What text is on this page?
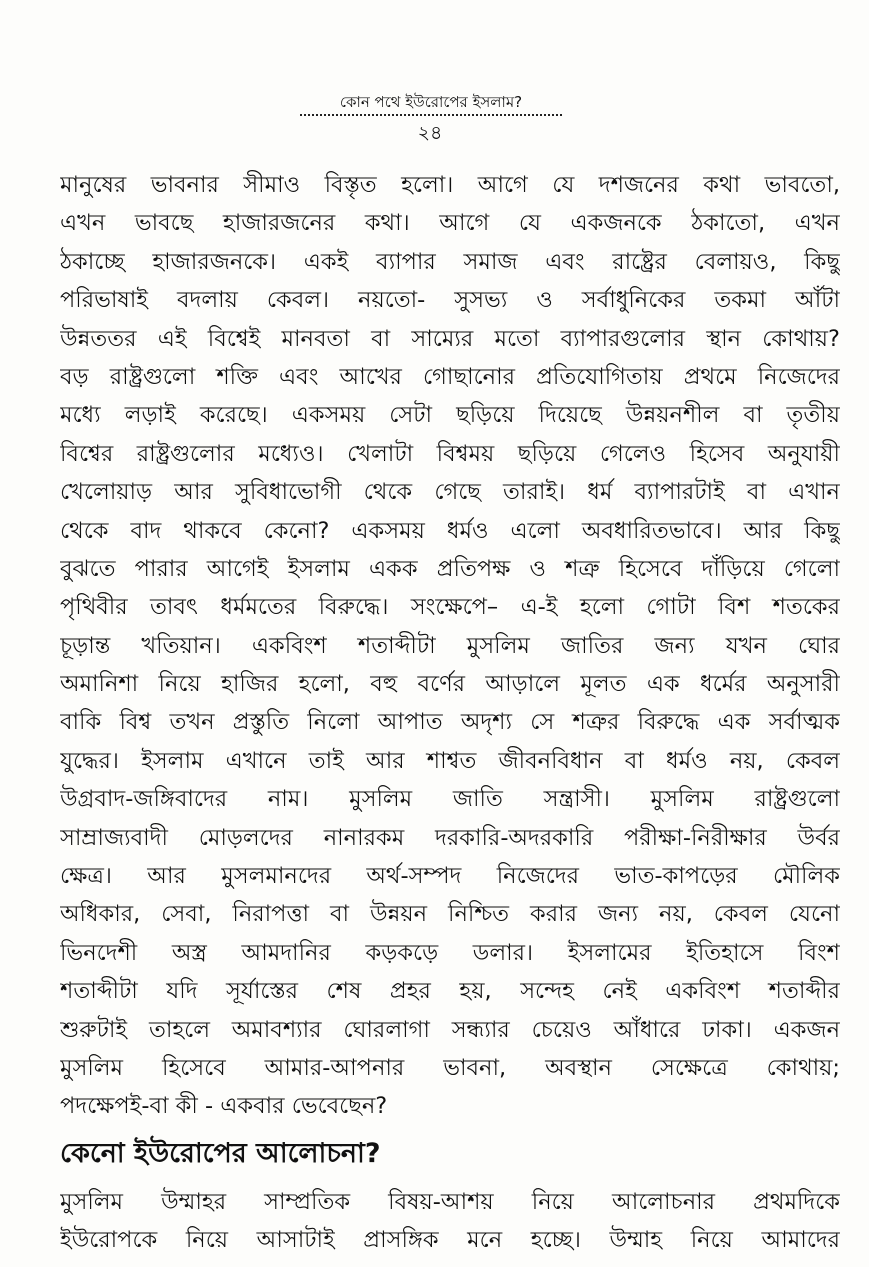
কোন পথে ইউরোপের ইসলাম?
২৪
মানুষের ভাবনার সীমাও বিস্তৃত হলো। আগে যে দশজনের কথা ভাবতো,
এখন ভাবছে হাজারজনের কথা। আগে যে একজনকে ঠকাতো, এখন
ঠকাচ্ছে হাজারজনকে। একই ব্যাপার সমাজ এবং রাষ্ট্রের বেলায়ও, কিছু
পরিভাষাই বদলায় কেবল। নয়তো- সুসভ্য ও সর্বাধুনিকের তকমা আঁটা
উন্নততর এই বিশ্বেই মানবতা বা সাম্যের মতো ব্যাপারগুলোর স্থান কোথায়?
বড় রাষ্ট্রগুলো শক্তি এবং আখের গোছানোর প্রতিযোগিতায় প্রথমে নিজেদের
মধ্যে লড়াই করেছে। একসময় সেটা ছড়িয়ে দিয়েছে উন্নয়নশীল বা তৃতীয়
বিশ্বের রাষ্ট্রগুলোর মধ্যেও। খেলাটা বিশ্বময় ছড়িয়ে গেলেও হিসেব অনুযায়ী
খেলোয়াড় আর সুবিধাভোগী থেকে গেছে তারাই। ধর্ম ব্যাপারটাই বা এখান
থেকে বাদ থাকবে কেনো? একসময় ধর্মও এলো অবধারিতভাবে। আর কিছু
বুঝতে পারার আগেই ইসলাম একক প্রতিপক্ষ ও শত্রু হিসেবে দাঁড়িয়ে গেলো
পৃথিবীর তাবৎ ধর্মমতের বিরুদ্ধে। সংক্ষেপে– এ-ই হলো গোটা বিশ শতকের
চূড়ান্ত খতিয়ান। একবিংশ শতাব্দীটা মুসলিম জাতির জন্য যখন ঘোর
অমানিশা নিয়ে হাজির হলো, বহু বর্ণের আড়ালে মূলত এক ধর্মের অনুসারী
বাকি বিশ্ব তখন প্রস্তুতি নিলো আপাত অদৃশ্য সে শত্রুর বিরুদ্ধে এক সর্বাত্মক
যুদ্ধের। ইসলাম এখানে তাই আর শাশ্বত জীবনবিধান বা ধর্মও নয়, কেবল
উগ্রবাদ-জঙ্গিবাদের নাম। মুসলিম জাতি সন্ত্রাসী। মুসলিম রাষ্ট্রগুলো
সাম্রাজ্যবাদী মোড়লদের নানারকম দরকারি-অদরকারি পরীক্ষা-নিরীক্ষার উর্বর
ক্ষেত্র। আর মুসলমানদের অর্থ-সম্পদ নিজেদের ভাত-কাপড়ের মৌলিক
অধিকার, সেবা, নিরাপত্তা বা উন্নয়ন নিশ্চিত করার জন্য নয়, কেবল যেনো
ভিনদেশী অস্ত্র আমদানির কড়কড়ে ডলার। ইসলামের ইতিহাসে বিংশ
শতাব্দীটা যদি সূর্যাস্তের শেষ প্রহর হয়, সন্দেহ নেই একবিংশ শতাব্দীর
শুরুটাই তাহলে অমাবশ্যার ঘোরলাগা সন্ধ্যার চেয়েও আঁধারে ঢাকা। একজন
মুসলিম হিসেবে আমার-আপনার ভাবনা, অবস্থান সেক্ষেত্রে কোথায়;
পদক্ষেপই-বা কী - একবার ভেবেছেন?
কেনো ইউরোপের আলোচনা?
মুসলিম উম্মাহর সাম্প্রতিক বিষয়-আশয় নিয়ে আলোচনার প্রথমদিকে
ইউরোপকে নিয়ে আসাটাই প্রাসঙ্গিক মনে হচ্ছে। উম্মাহ নিয়ে আমাদের
